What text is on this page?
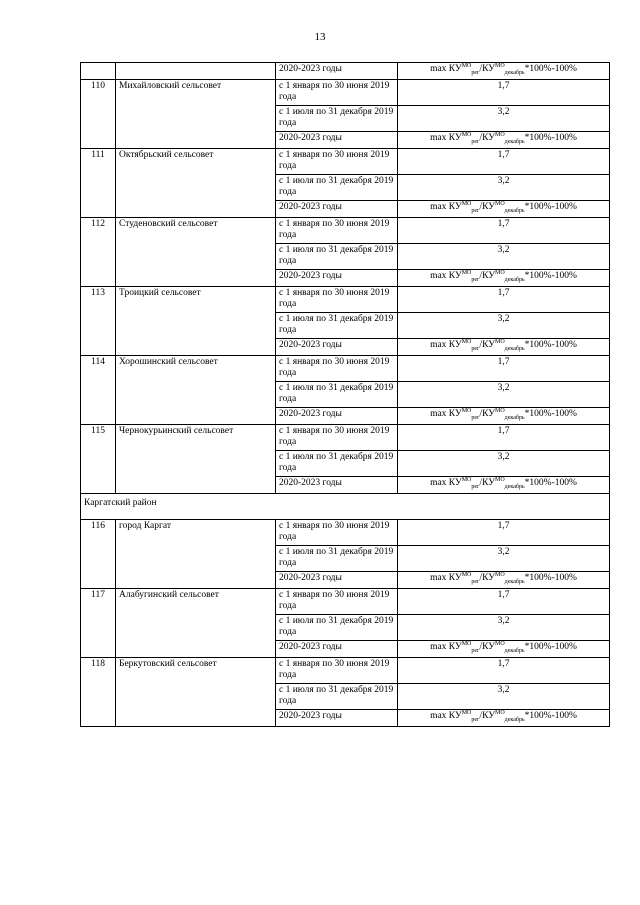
13
		2020-2023 годы	$\max КУ^{МО}_{рег}/КУ^{МО}_{декабрь}*100\%-100\%$
110	Михайловский сельсовет	с 1 января по 30 июня 2019 года	1,7
		с 1 июля по 31 декабря 2019 года	3,2
		2020-2023 годы	$\max КУ^{МО}_{рег}/КУ^{МО}_{декабрь}*100\%-100\%$
111	Октябрьский сельсовет	с 1 января по 30 июня 2019 года	1,7
		с 1 июля по 31 декабря 2019 года	3,2
		2020-2023 годы	$\max КУ^{МО}_{рег}/КУ^{МО}_{декабрь}*100\%-100\%$
112	Студеновский сельсовет	с 1 января по 30 июня 2019 года	1,7
		с 1 июля по 31 декабря 2019 года	3,2
		2020-2023 годы	$\max КУ^{МО}_{рег}/КУ^{МО}_{декабрь}*100\%-100\%$
113	Троицкий сельсовет	с 1 января по 30 июня 2019 года	1,7
		с 1 июля по 31 декабря 2019 года	3,2
		2020-2023 годы	$\max КУ^{МО}_{рег}/КУ^{МО}_{декабрь}*100\%-100\%$
114	Хорошинский сельсовет	с 1 января по 30 июня 2019 года	1,7
		с 1 июля по 31 декабря 2019 года	3,2
		2020-2023 годы	$\max КУ^{МО}_{рег}/КУ^{МО}_{декабрь}*100\%-100\%$
115	Чернокурьинский сельсовет	с 1 января по 30 июня 2019 года	1,7
		с 1 июля по 31 декабря 2019 года	3,2
		2020-2023 годы	$\max КУ^{МО}_{рег}/КУ^{МО}_{декабрь}*100\%-100\%$
Каргатский район			
116	город Каргат	с 1 января по 30 июня 2019 года	1,7
		с 1 июля по 31 декабря 2019 года	3,2
		2020-2023 годы	$\max КУ^{МО}_{рег}/КУ^{МО}_{декабрь}*100\%-100\%$
117	Алабугинский сельсовет	с 1 января по 30 июня 2019 года	1,7
		с 1 июля по 31 декабря 2019 года	3,2
		2020-2023 годы	$\max КУ^{МО}_{рег}/КУ^{МО}_{декабрь}*100\%-100\%$
118	Беркутовский сельсовет	с 1 января по 30 июня 2019 года	1,7
		с 1 июля по 31 декабря 2019 года	3,2
		2020-2023 годы	$\max КУ^{МО}_{рег}/КУ^{МО}_{декабрь}*100\%-100\%$
